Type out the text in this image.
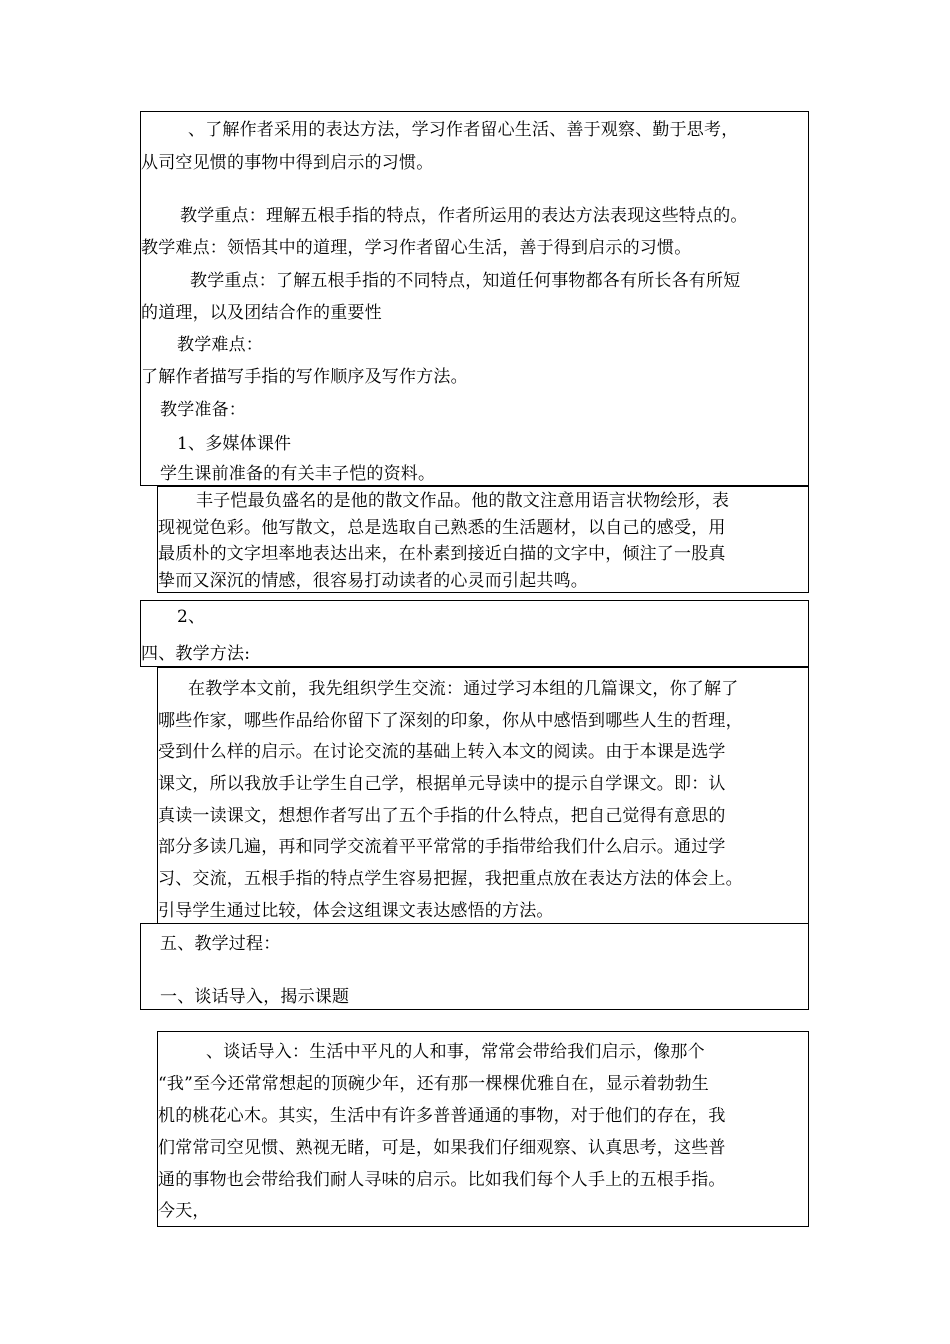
、了解作者采用的表达方法，学习作者留心生活、善于观察、勤于思考，
从司空见惯的事物中得到启示的习惯。
教学重点：理解五根手指的特点，作者所运用的表达方法表现这些特点的。
教学难点：领悟其中的道理，学习作者留心生活，善于得到启示的习惯。
教学重点：了解五根手指的不同特点，知道任何事物都各有所长各有所短
的道理，以及团结合作的重要性
教学难点：
了解作者描写手指的写作顺序及写作方法。
教学准备：
1、多媒体课件
学生课前准备的有关丰子恺的资料。
丰子恺最负盛名的是他的散文作品。他的散文注意用语言状物绘形，表
现视觉色彩。他写散文，总是选取自己熟悉的生活题材，以自己的感受，用
最质朴的文字坦率地表达出来，在朴素到接近白描的文字中，倾注了一股真
挚而又深沉的情感，很容易打动读者的心灵而引起共鸣。
2、
四、教学方法:
在教学本文前，我先组织学生交流：通过学习本组的几篇课文，你了解了
哪些作家，哪些作品给你留下了深刻的印象，你从中感悟到哪些人生的哲理，
受到什么样的启示。在讨论交流的基础上转入本文的阅读。由于本课是选学
课文，所以我放手让学生自己学，根据单元导读中的提示自学课文。即：认
真读一读课文，想想作者写出了五个手指的什么特点，把自己觉得有意思的
部分多读几遍，再和同学交流着平平常常的手指带给我们什么启示。通过学
习、交流，五根手指的特点学生容易把握，我把重点放在表达方法的体会上。
引导学生通过比较，体会这组课文表达感悟的方法。
五、教学过程：
一、谈话导入，揭示课题
、谈话导入：生活中平凡的人和事，常常会带给我们启示，像那个
“我”至今还常常想起的顶碗少年，还有那一棵棵优雅自在，显示着勃勃生
机的桃花心木。其实，生活中有许多普普通通的事物，对于他们的存在，我
们常常司空见惯、熟视无睹，可是，如果我们仔细观察、认真思考，这些普
通的事物也会带给我们耐人寻味的启示。比如我们每个人手上的五根手指。
今天，
